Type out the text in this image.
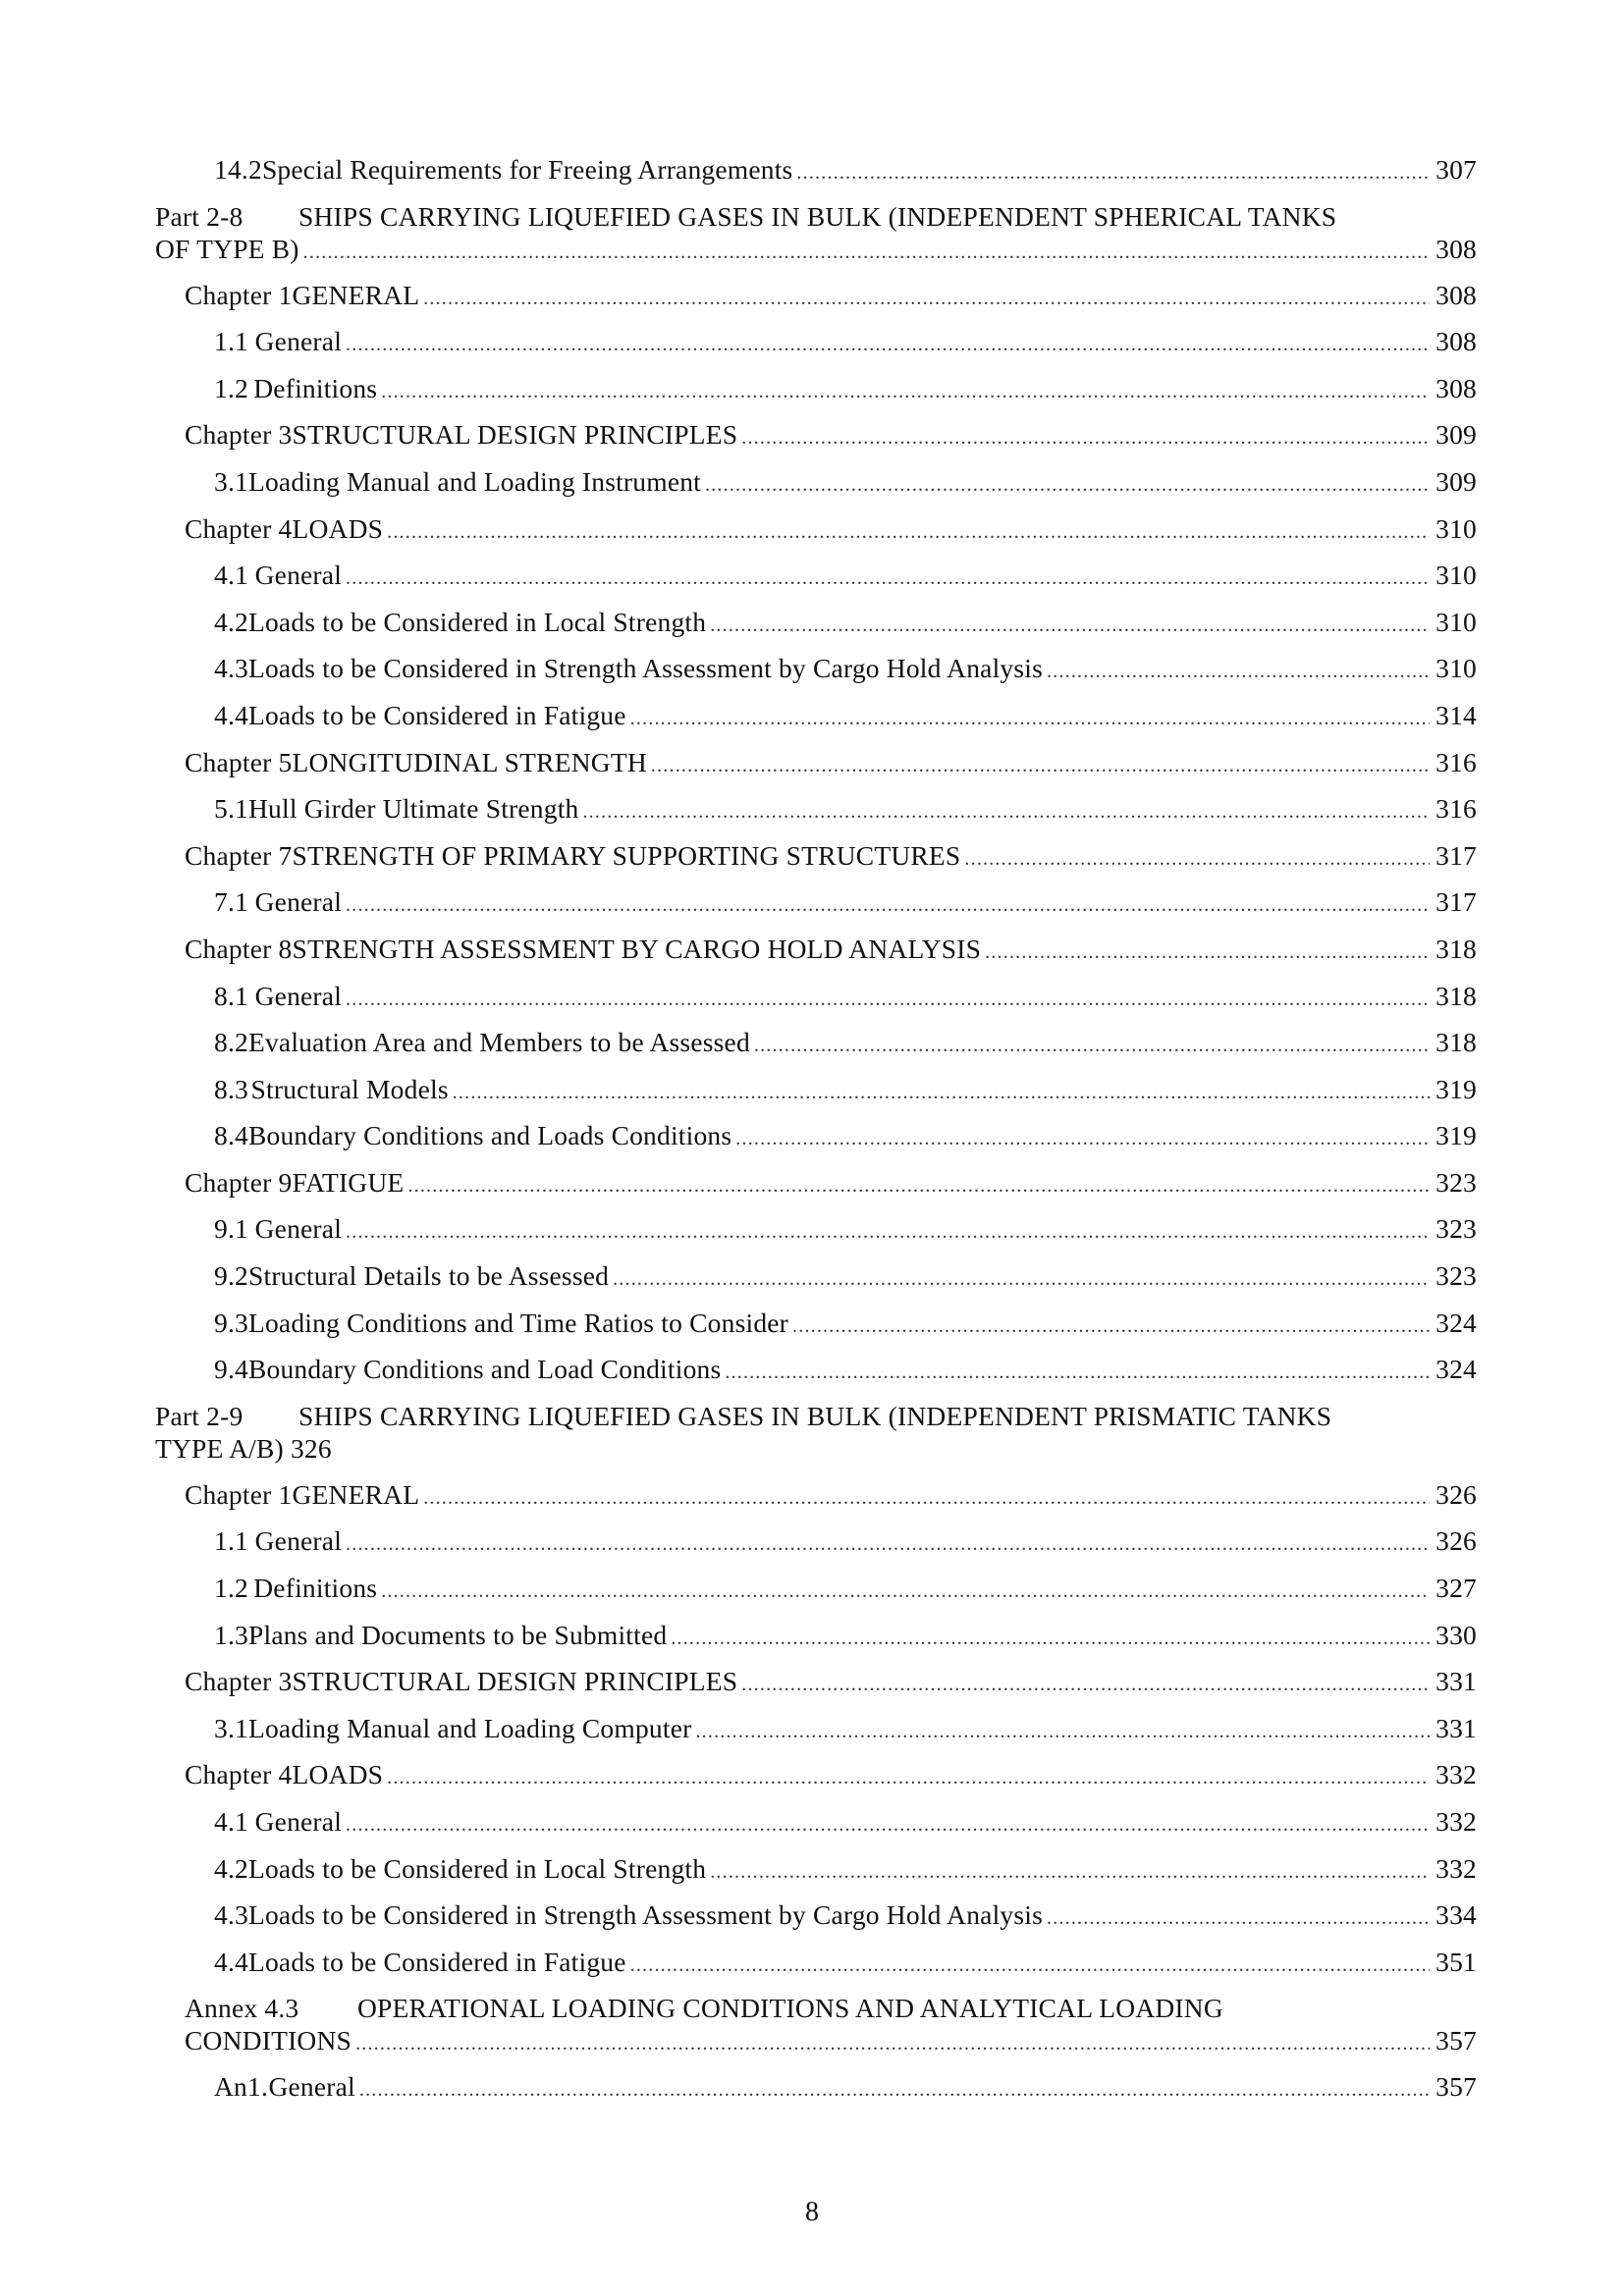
14.2 Special Requirements for Freeing Arrangements .....	307
Part 2-8 SHIPS CARRYING LIQUEFIED GASES IN BULK (INDEPENDENT SPHERICAL TANKS
OF TYPE B) .....	308
Chapter 1 GENERAL .....	308
1.1 General .....	308
1.2 Definitions .....	308
Chapter 3 STRUCTURAL DESIGN PRINCIPLES .....	309
3.1 Loading Manual and Loading Instrument .....	309
Chapter 4 LOADS .....	310
4.1 General .....	310
4.2 Loads to be Considered in Local Strength .....	310
4.3 Loads to be Considered in Strength Assessment by Cargo Hold Analysis .....	310
4.4 Loads to be Considered in Fatigue .....	314
Chapter 5 LONGITUDINAL STRENGTH .....	316
5.1 Hull Girder Ultimate Strength .....	316
Chapter 7 STRENGTH OF PRIMARY SUPPORTING STRUCTURES .....	317
7.1 General .....	317
Chapter 8 STRENGTH ASSESSMENT BY CARGO HOLD ANALYSIS .....	318
8.1 General .....	318
8.2 Evaluation Area and Members to be Assessed .....	318
8.3 Structural Models .....	319
8.4 Boundary Conditions and Loads Conditions .....	319
Chapter 9 FATIGUE .....	323
9.1 General .....	323
9.2 Structural Details to be Assessed .....	323
9.3 Loading Conditions and Time Ratios to Consider .....	324
9.4 Boundary Conditions and Load Conditions .....	324
Part 2-9 SHIPS CARRYING LIQUEFIED GASES IN BULK (INDEPENDENT PRISMATIC TANKS
TYPE A/B) 326
Chapter 1 GENERAL .....	326
1.1 General .....	326
1.2 Definitions .....	327
1.3 Plans and Documents to be Submitted .....	330
Chapter 3 STRUCTURAL DESIGN PRINCIPLES .....	331
3.1 Loading Manual and Loading Computer .....	331
Chapter 4 LOADS .....	332
4.1 General .....	332
4.2 Loads to be Considered in Local Strength .....	332
4.3 Loads to be Considered in Strength Assessment by Cargo Hold Analysis .....	334
4.4 Loads to be Considered in Fatigue .....	351
Annex 4.3 OPERATIONAL LOADING CONDITIONS AND ANALYTICAL LOADING
CONDITIONS .....	357
An1. General .....	357
8
